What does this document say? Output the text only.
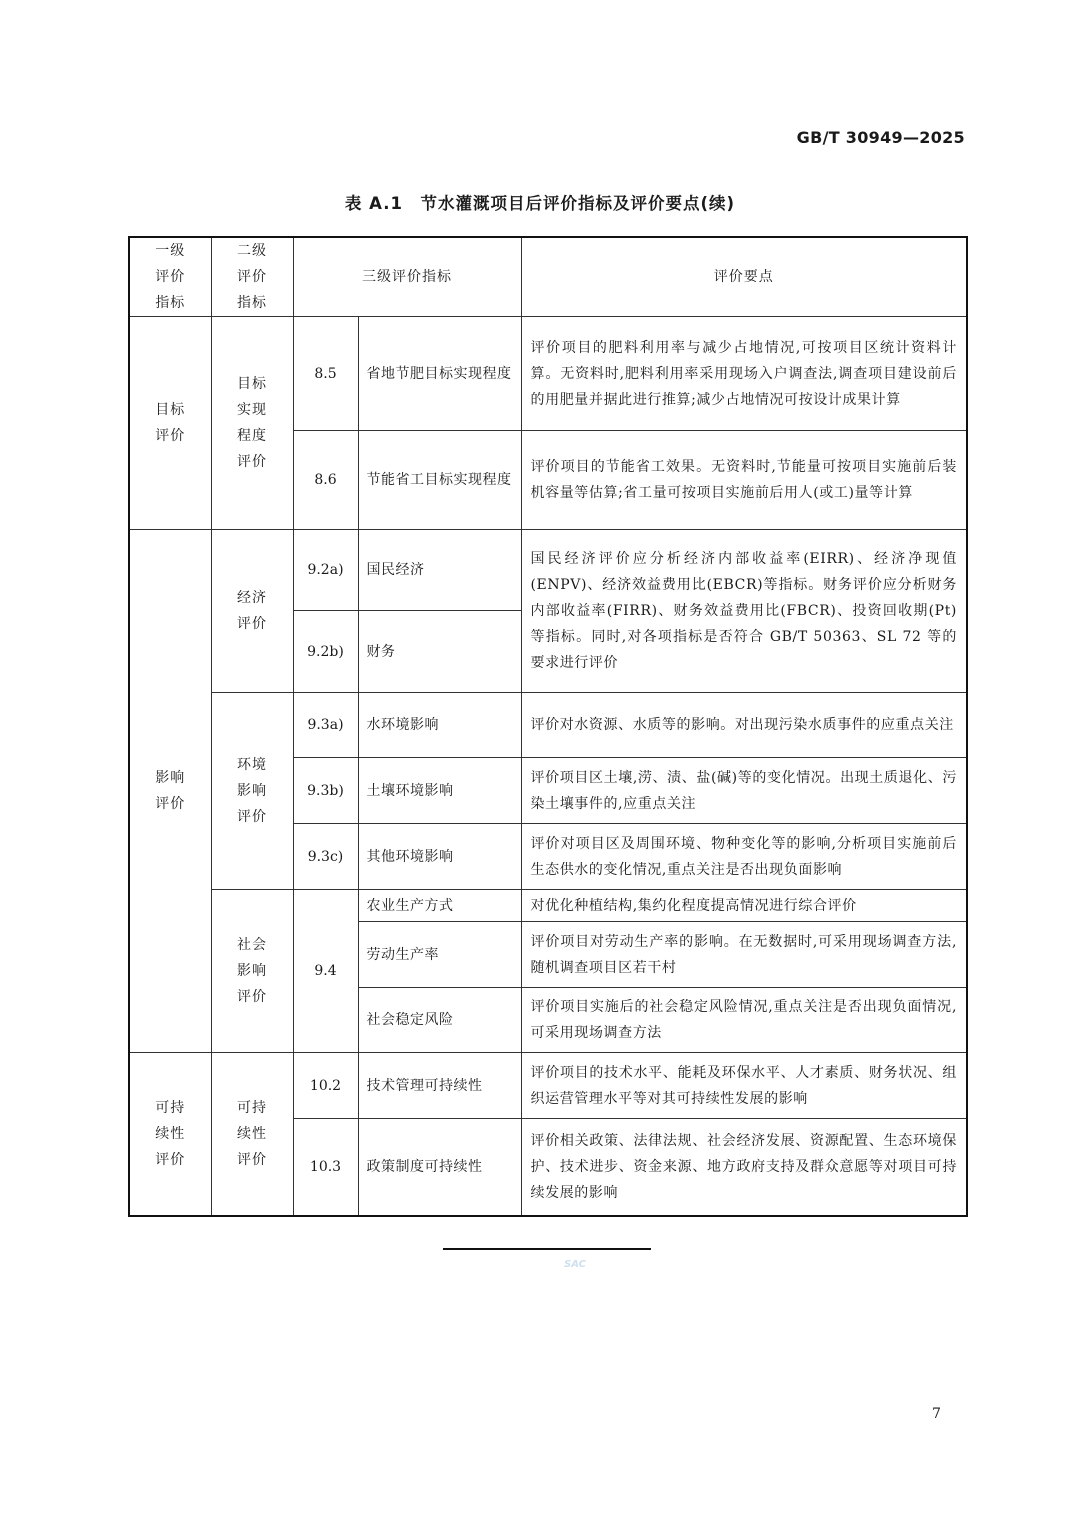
GB/T 30949—2025
表 A.1　节水灌溉项目后评价指标及评价要点(续)
一级评价指标	二级评价指标	三级评价指标		评价要点
目标评价	目标实现程度评价	8.5	省地节肥目标实现程度	评价项目的肥料利用率与减少占地情况,可按项目区统计资料计算。无资料时,肥料利用率采用现场入户调查法,调查项目建设前后的用肥量并据此进行推算;减少占地情况可按设计成果计算
		8.6	节能省工目标实现程度	评价项目的节能省工效果。无资料时,节能量可按项目实施前后装机容量等估算;省工量可按项目实施前后用人(或工)量等计算
影响评价	经济评价	9.2a)	国民经济	国民经济评价应分析经济内部收益率(EIRR)、经济净现值(ENPV)、经济效益费用比(EBCR)等指标。财务评价应分析财务内部收益率(FIRR)、财务效益费用比(FBCR)、投资回收期(Pt)等指标。同时,对各项指标是否符合 GB/T 50363、SL 72 等的要求进行评价
		9.2b)	财务	
	环境影响评价	9.3a)	水环境影响	评价对水资源、水质等的影响。对出现污染水质事件的应重点关注
		9.3b)	土壤环境影响	评价项目区土壤,涝、渍、盐(碱)等的变化情况。出现土质退化、污染土壤事件的,应重点关注
		9.3c)	其他环境影响	评价对项目区及周围环境、物种变化等的影响,分析项目实施前后生态供水的变化情况,重点关注是否出现负面影响
	社会影响评价	9.4	农业生产方式	对优化种植结构,集约化程度提高情况进行综合评价
			劳动生产率	评价项目对劳动生产率的影响。在无数据时,可采用现场调查方法,随机调查项目区若干村
			社会稳定风险	评价项目实施后的社会稳定风险情况,重点关注是否出现负面情况,可采用现场调查方法
可持续性评价	可持续性评价	10.2	技术管理可持续性	评价项目的技术水平、能耗及环保水平、人才素质、财务状况、组织运营管理水平等对其可持续性发展的影响
		10.3	政策制度可持续性	评价相关政策、法律法规、社会经济发展、资源配置、生态环境保护、技术进步、资金来源、地方政府支持及群众意愿等对项目可持续发展的影响
SAC
7
